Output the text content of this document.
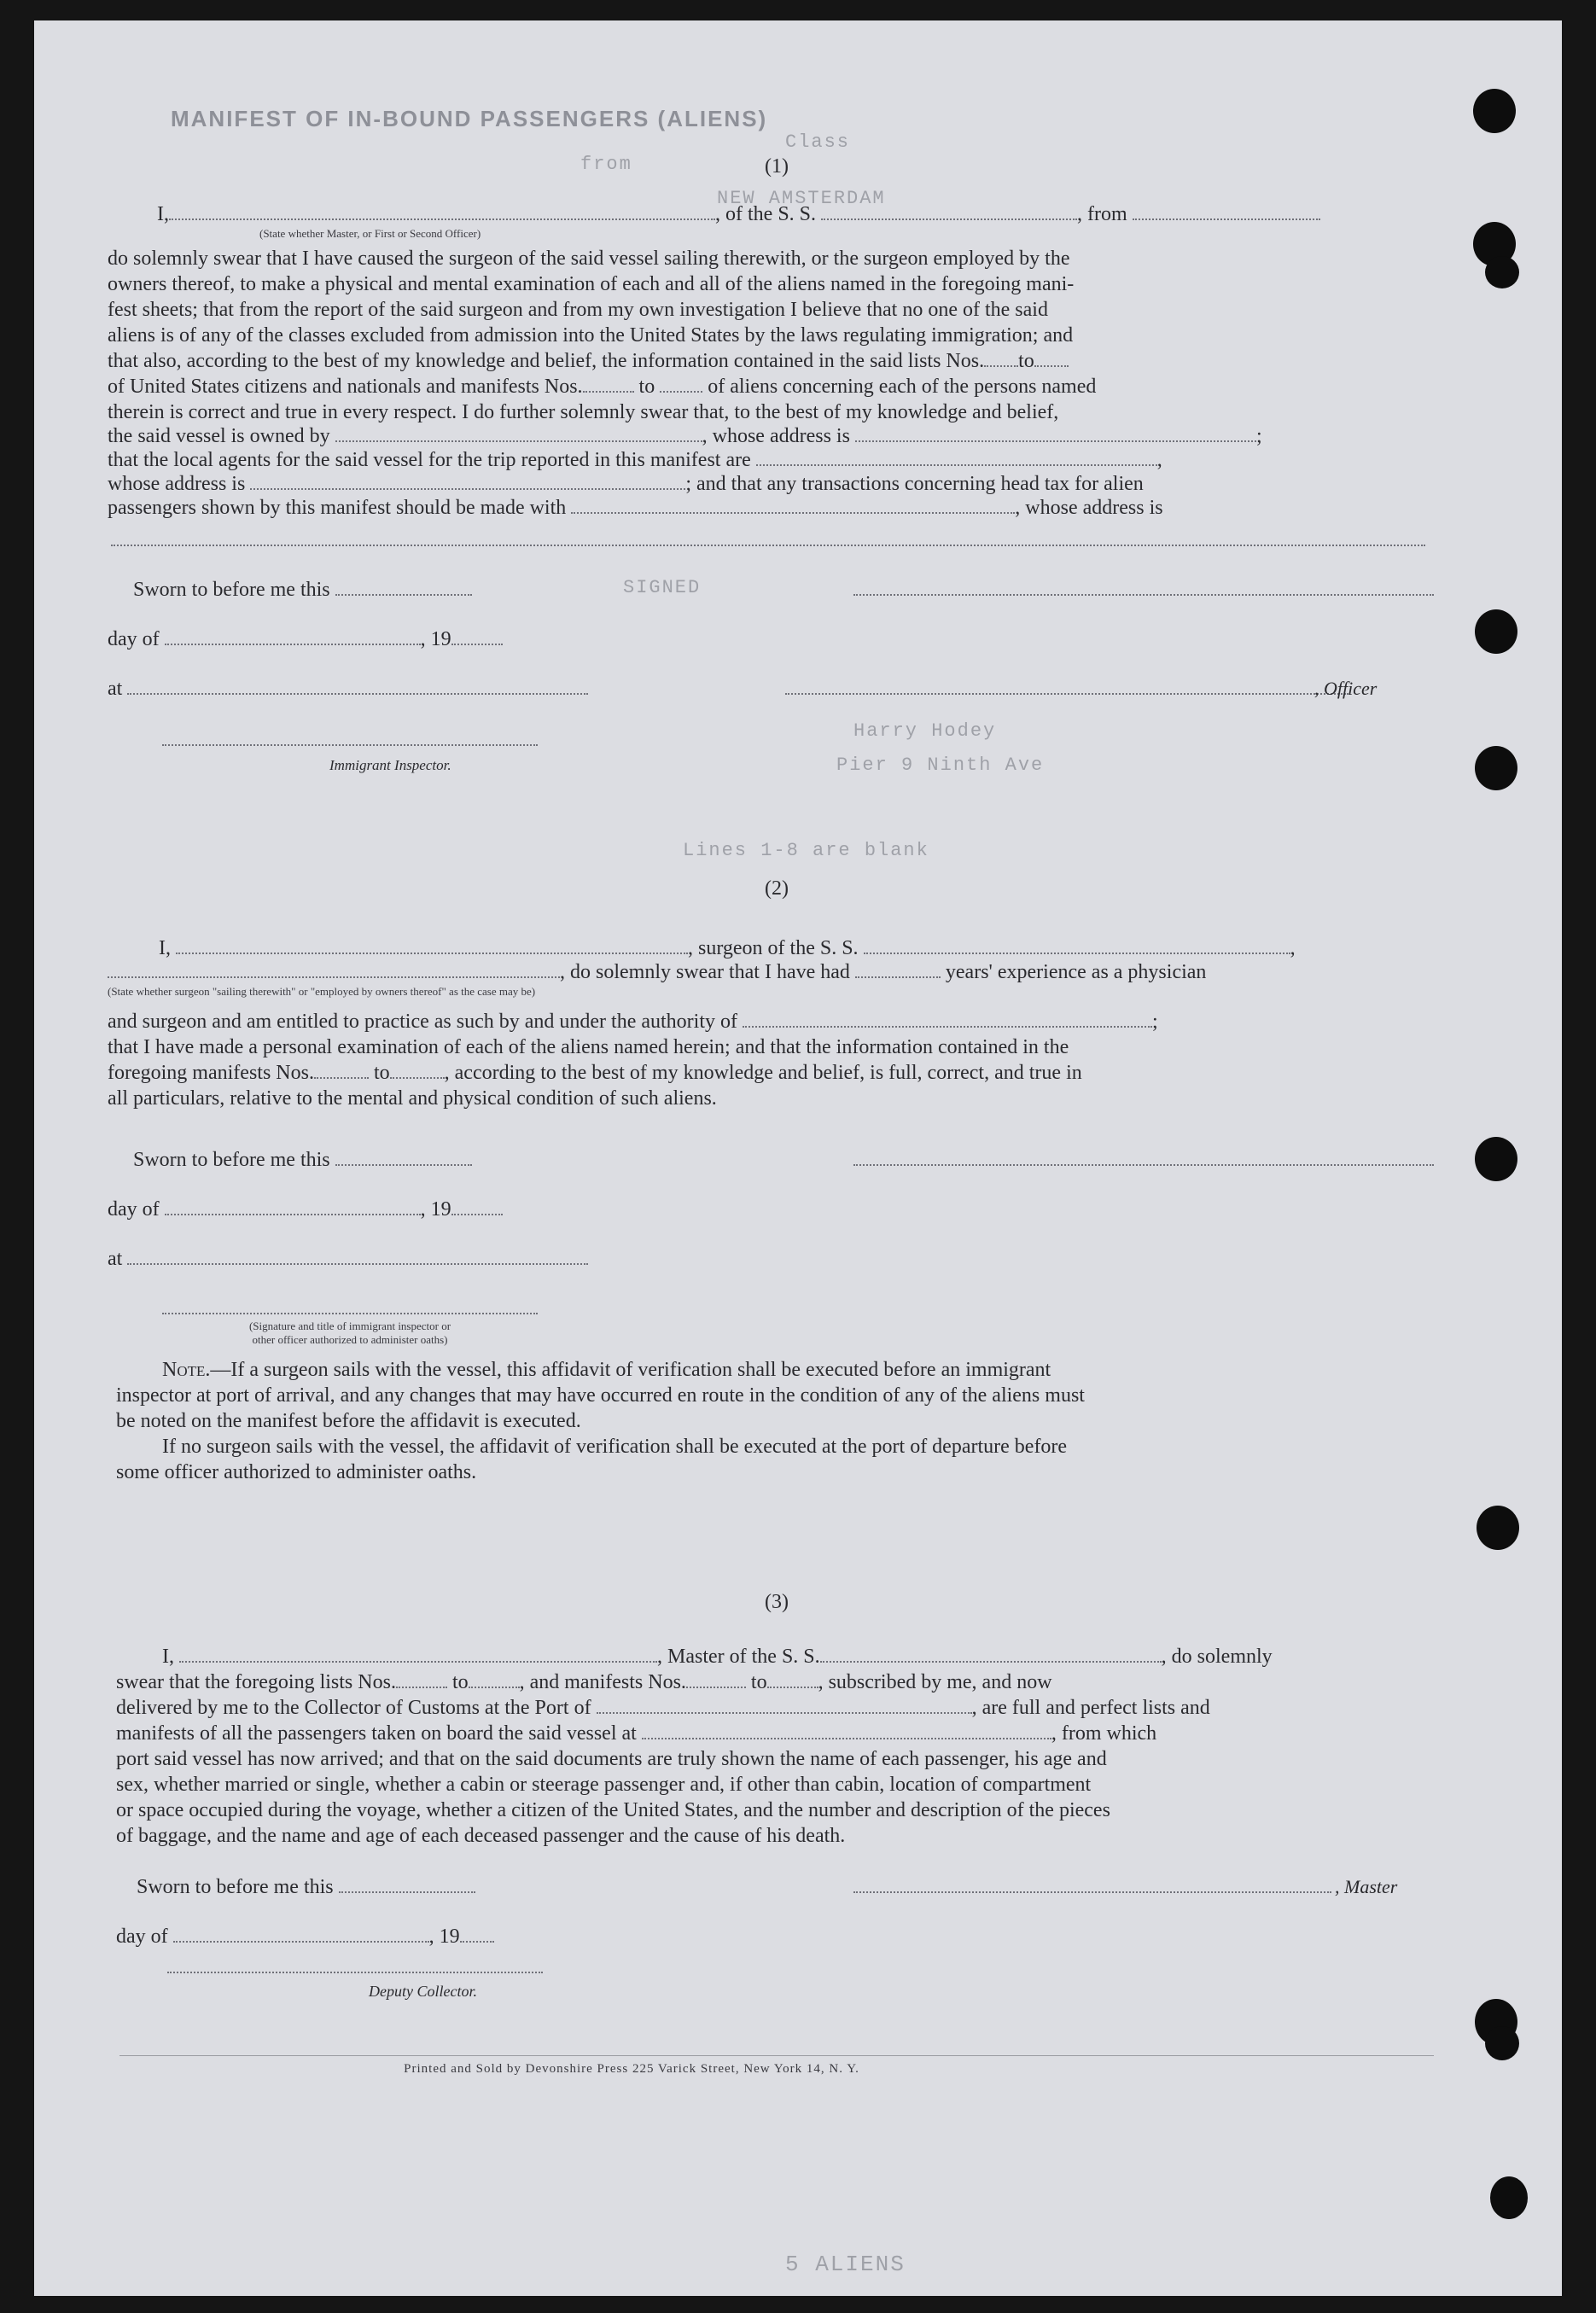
MANIFEST OF IN-BOUND PASSENGERS (ALIENS)
Class
from
NEW AMSTERDAM
(1)
I,	, of the S. S.	, from
(State whether Master, or First or Second Officer)
do solemnly swear that I have caused the surgeon of the said vessel sailing therewith, or the surgeon employed by the
owners thereof, to make a physical and mental examination of each and all of the aliens named in the foregoing mani-
fest sheets; that from the report of the said surgeon and from my own investigation I believe that no one of the said
aliens is of any of the classes excluded from admission into the United States by the laws regulating immigration; and
that also, according to the best of my knowledge and belief, the information contained in the said lists Nos. to
of United States citizens and nationals and manifests Nos.	to	of aliens concerning each of the persons named
therein is correct and true in every respect. I do further solemnly swear that, to the best of my knowledge and belief,
the said vessel is owned by	, whose address is	;
that the local agents for the said vessel for the trip reported in this manifest are	,
whose address is	; and that any transactions concerning head tax for alien
passengers shown by this manifest should be made with	, whose address is
Sworn to before me this
day of	, 19
at	, Officer
Immigrant Inspector.
SIGNED
Harry Hodey
Pier 9 Ninth Ave
Lines 1-8 are blank
(2)
I,	, surgeon of the S. S.	,
, do solemnly swear that I have had	years' experience as a physician
(State whether surgeon "sailing therewith" or "employed by owners thereof" as the case may be)
and surgeon and am entitled to practice as such by and under the authority of	;
that I have made a personal examination of each of the aliens named herein; and that the information contained in the
foregoing manifests Nos.	to	, according to the best of my knowledge and belief, is full, correct, and true in
all particulars, relative to the mental and physical condition of such aliens.
Sworn to before me this
day of	, 19
at
(Signature and title of immigrant inspector or
other officer authorized to administer oaths)
Note.—If a surgeon sails with the vessel, this affidavit of verification shall be executed before an immigrant
inspector at port of arrival, and any changes that may have occurred en route in the condition of any of the aliens must
be noted on the manifest before the affidavit is executed.
If no surgeon sails with the vessel, the affidavit of verification shall be executed at the port of departure before
some officer authorized to administer oaths.
(3)
I,	, Master of the S. S.	, do solemnly
swear that the foregoing lists Nos.	to	, and manifests Nos.	to	, subscribed by me, and now
delivered by me to the Collector of Customs at the Port of	, are full and perfect lists and
manifests of all the passengers taken on board the said vessel at	, from which
port said vessel has now arrived; and that on the said documents are truly shown the name of each passenger, his age and
sex, whether married or single, whether a cabin or steerage passenger and, if other than cabin, location of compartment
or space occupied during the voyage, whether a citizen of the United States, and the number and description of the pieces
of baggage, and the name and age of each deceased passenger and the cause of his death.
Sworn to before me this	, Master
day of	, 19
Deputy Collector.
Printed and Sold by Devonshire Press 225 Varick Street, New York 14, N. Y.
5 ALIENS
